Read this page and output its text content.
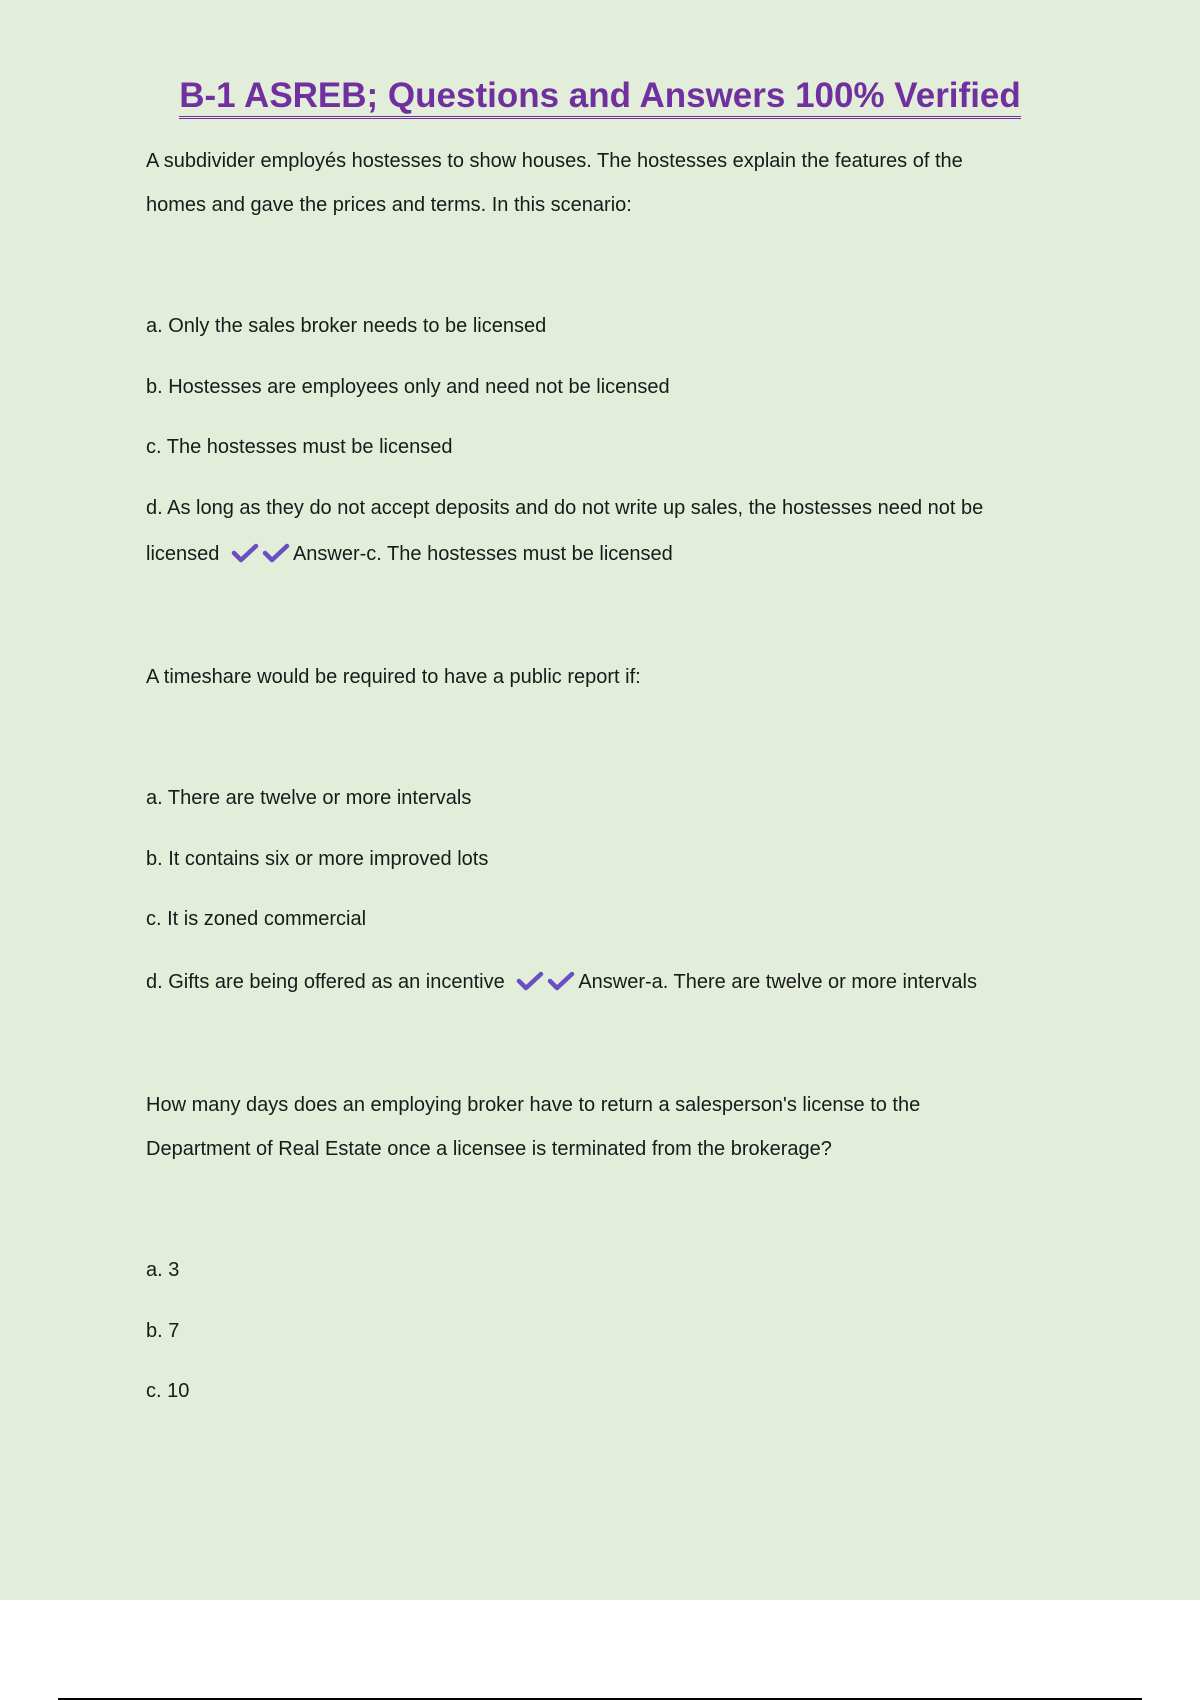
B-1 ASREB; Questions and Answers 100% Verified

A subdivider employés hostesses to show houses. The hostesses explain the features of the

homes and gave the prices and terms. In this scenario:

a. Only the sales broker needs to be licensed

b. Hostesses are employees only and need not be licensed

c. The hostesses must be licensed

d. As long as they do not accept deposits and do not write up sales, the hostesses need not be

licensed	Answer-c. The hostesses must be licensed

A timeshare would be required to have a public report if:

a. There are twelve or more intervals

b. It contains six or more improved lots

c. It is zoned commercial

d. Gifts are being offered as an incentive	Answer-a. There are twelve or more intervals

How many days does an employing broker have to return a salesperson's license to the

Department of Real Estate once a licensee is terminated from the brokerage?

a. 3

b. 7

c. 10
